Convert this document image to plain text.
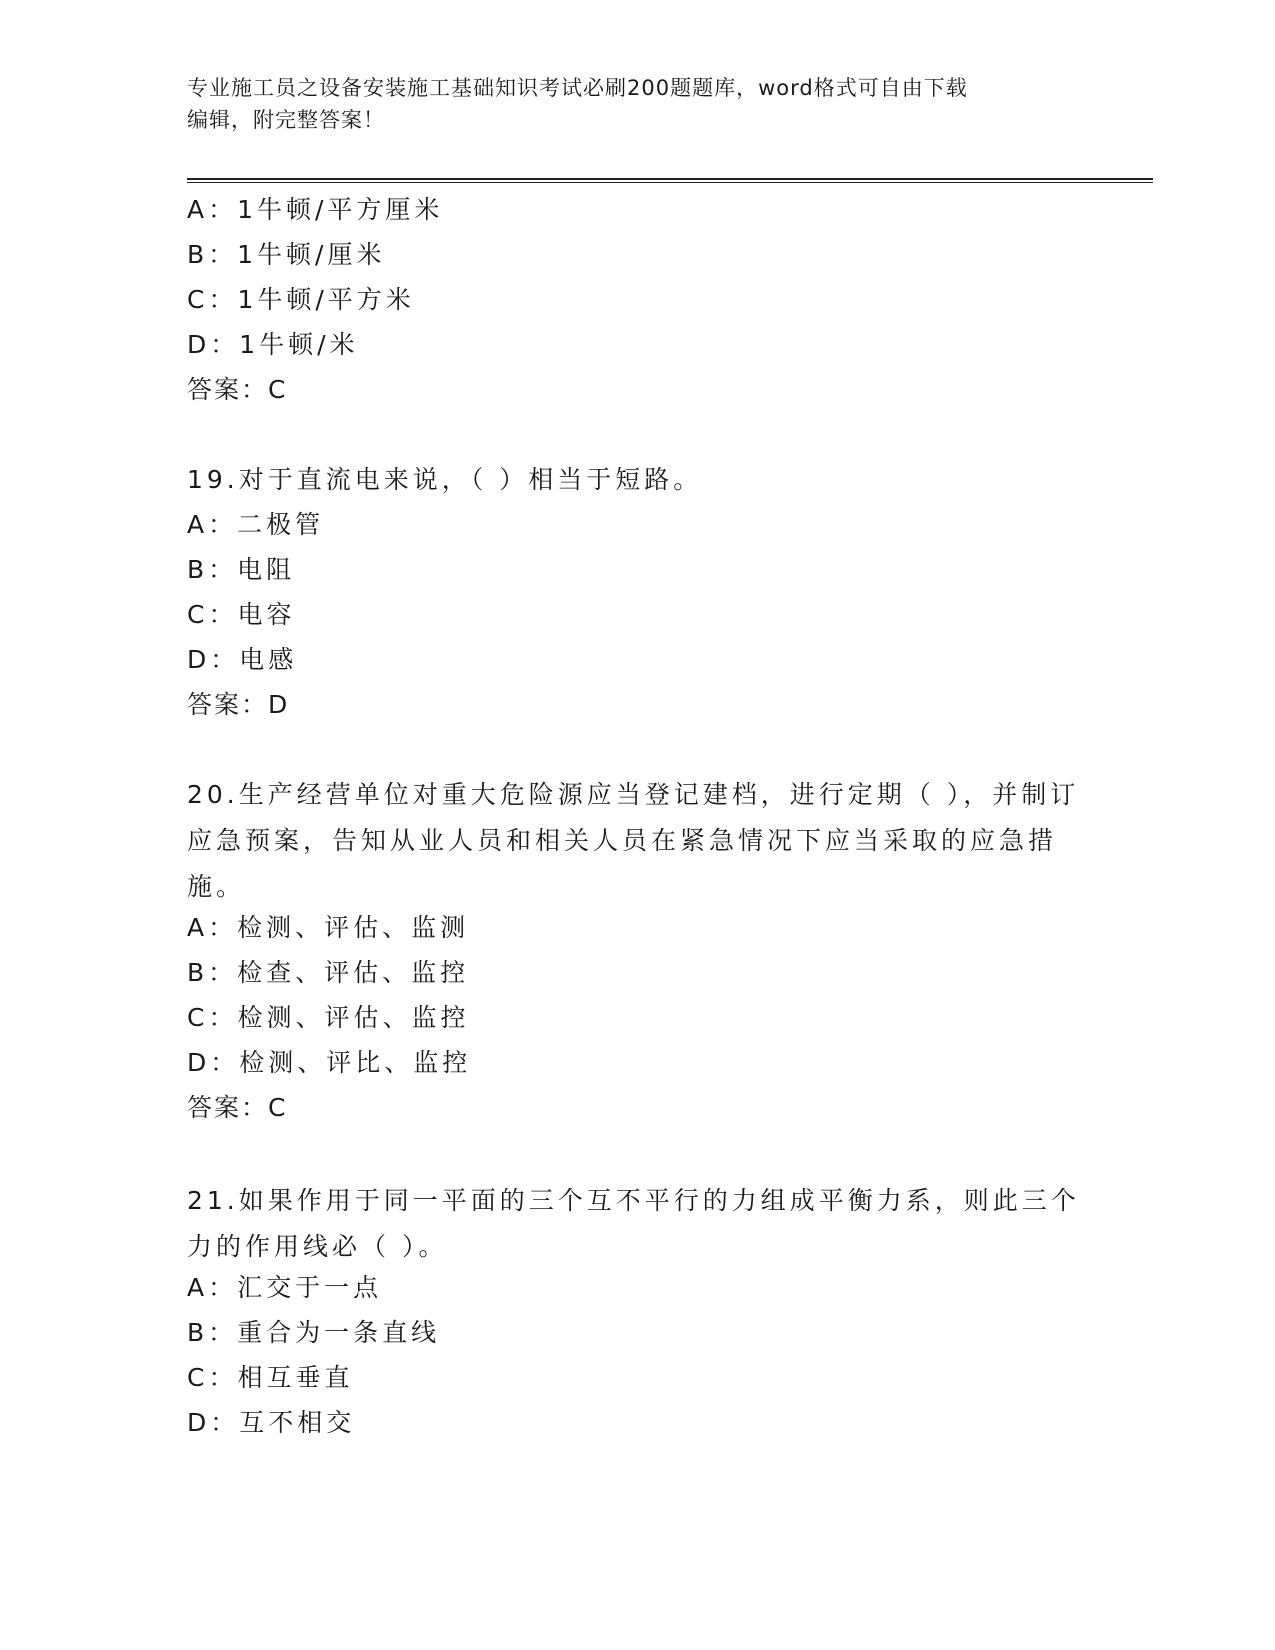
专业施工员之设备安装施工基础知识考试必刷200题题库，word格式可自由下载
编辑，附完整答案！
A：1牛顿/平方厘米
B：1牛顿/厘米
C：1牛顿/平方米
D：1牛顿/米
答案：C
19.对于直流电来说，（ ）相当于短路。
A：二极管
B：电阻
C：电容
D：电感
答案：D
20.生产经营单位对重大危险源应当登记建档，进行定期（ ），并制订应急预案，告知从业人员和相关人员在紧急情况下应当采取的应急措施。
A：检测、评估、监测
B：检查、评估、监控
C：检测、评估、监控
D：检测、评比、监控
答案：C
21.如果作用于同一平面的三个互不平行的力组成平衡力系，则此三个力的作用线必（ ）。
A：汇交于一点
B：重合为一条直线
C：相互垂直
D：互不相交
